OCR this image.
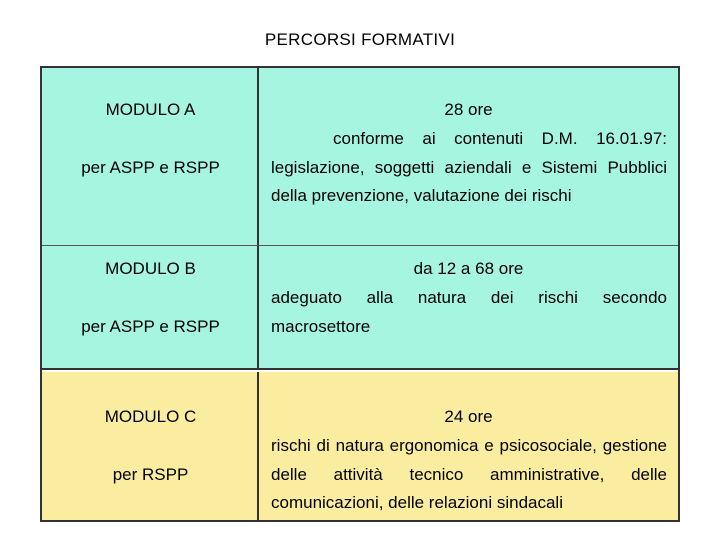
PERCORSI FORMATIVI
MODULO A
per ASPP e RSPP
28 ore
conforme ai contenuti D.M. 16.01.97: legislazione, soggetti aziendali e Sistemi Pubblici della prevenzione, valutazione dei rischi
MODULO B
per ASPP e RSPP
da 12 a 68 ore
adeguato alla natura dei rischi secondo macrosettore
MODULO C
per RSPP
24 ore
rischi di natura ergonomica e psicosociale, gestione delle attività tecnico amministrative, delle comunicazioni, delle relazioni sindacali
